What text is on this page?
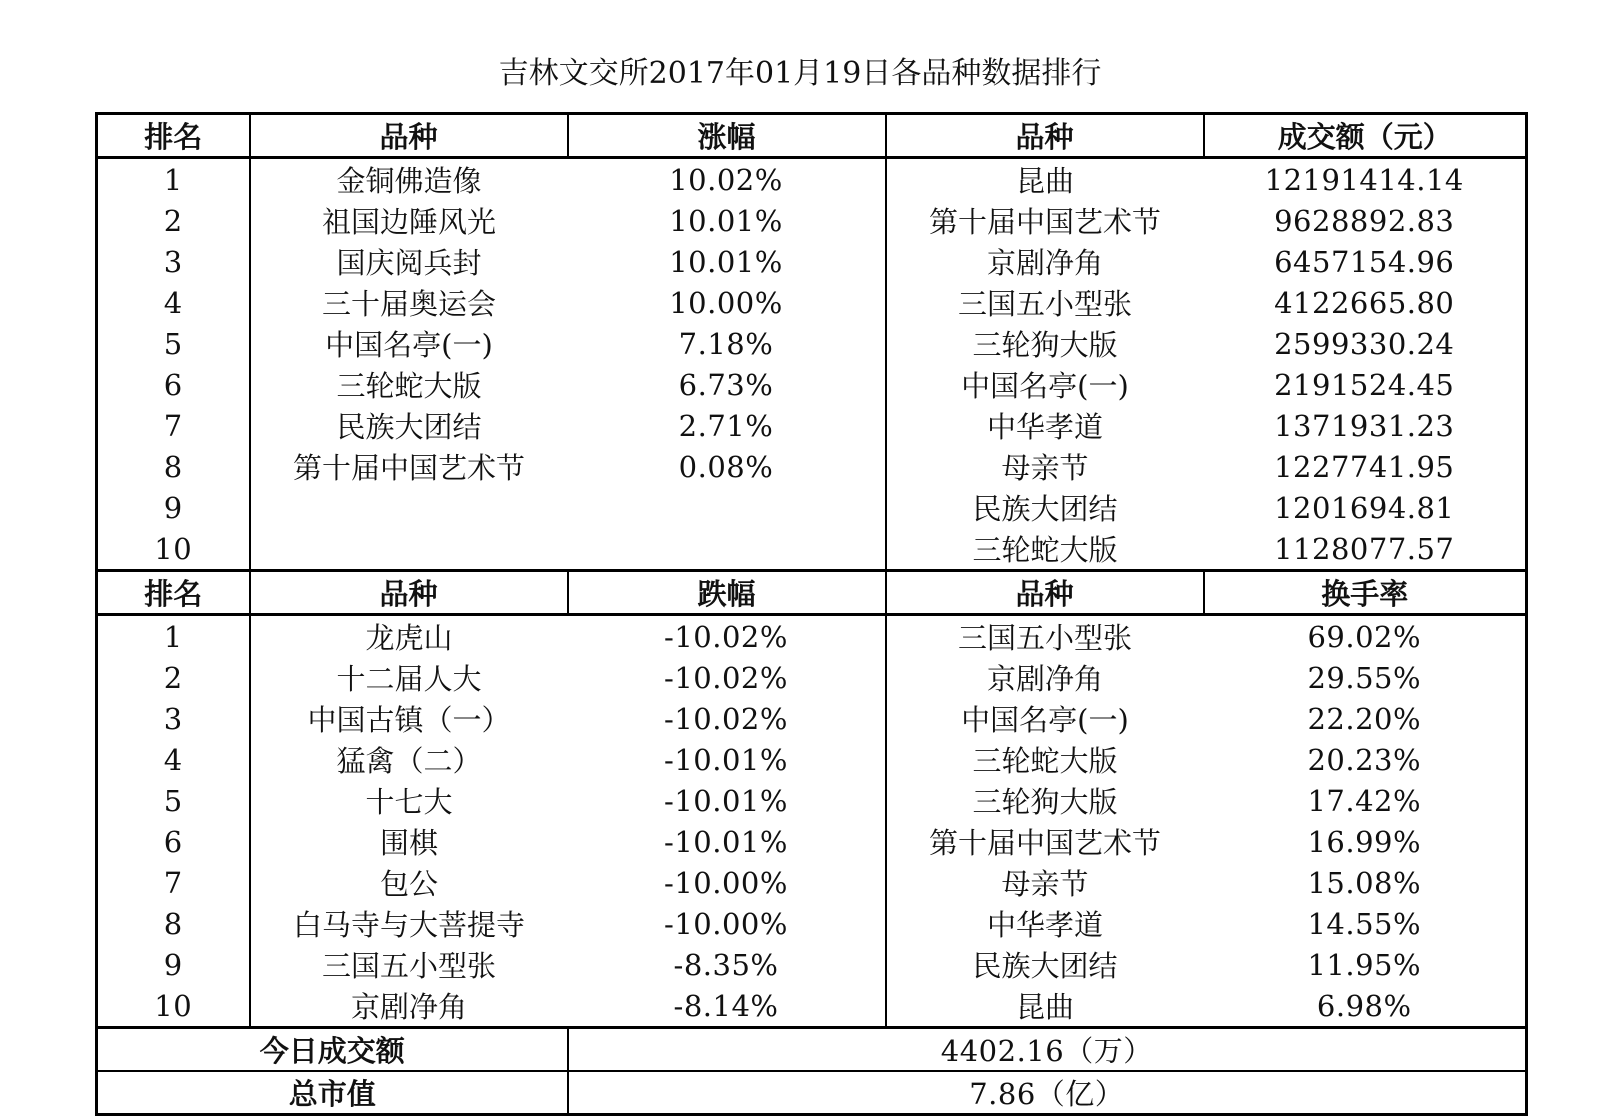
吉林文交所2017年01月19日各品种数据排行
排名	品种	涨幅	品种	成交额（元）
1	金铜佛造像	10.02%	昆曲	12191414.14
2	祖国边陲风光	10.01%	第十届中国艺术节	9628892.83
3	国庆阅兵封	10.01%	京剧净角	6457154.96
4	三十届奥运会	10.00%	三国五小型张	4122665.80
5	中国名亭(一)	7.18%	三轮狗大版	2599330.24
6	三轮蛇大版	6.73%	中国名亭(一)	2191524.45
7	民族大团结	2.71%	中华孝道	1371931.23
8	第十届中国艺术节	0.08%	母亲节	1227741.95
9			民族大团结	1201694.81
10			三轮蛇大版	1128077.57
排名	品种	跌幅	品种	换手率
1	龙虎山	-10.02%	三国五小型张	69.02%
2	十二届人大	-10.02%	京剧净角	29.55%
3	中国古镇（一）	-10.02%	中国名亭(一)	22.20%
4	猛禽（二）	-10.01%	三轮蛇大版	20.23%
5	十七大	-10.01%	三轮狗大版	17.42%
6	围棋	-10.01%	第十届中国艺术节	16.99%
7	包公	-10.00%	母亲节	15.08%
8	白马寺与大菩提寺	-10.00%	中华孝道	14.55%
9	三国五小型张	-8.35%	民族大团结	11.95%
10	京剧净角	-8.14%	昆曲	6.98%
今日成交额		4402.16（万）		
总市值		7.86（亿）		
